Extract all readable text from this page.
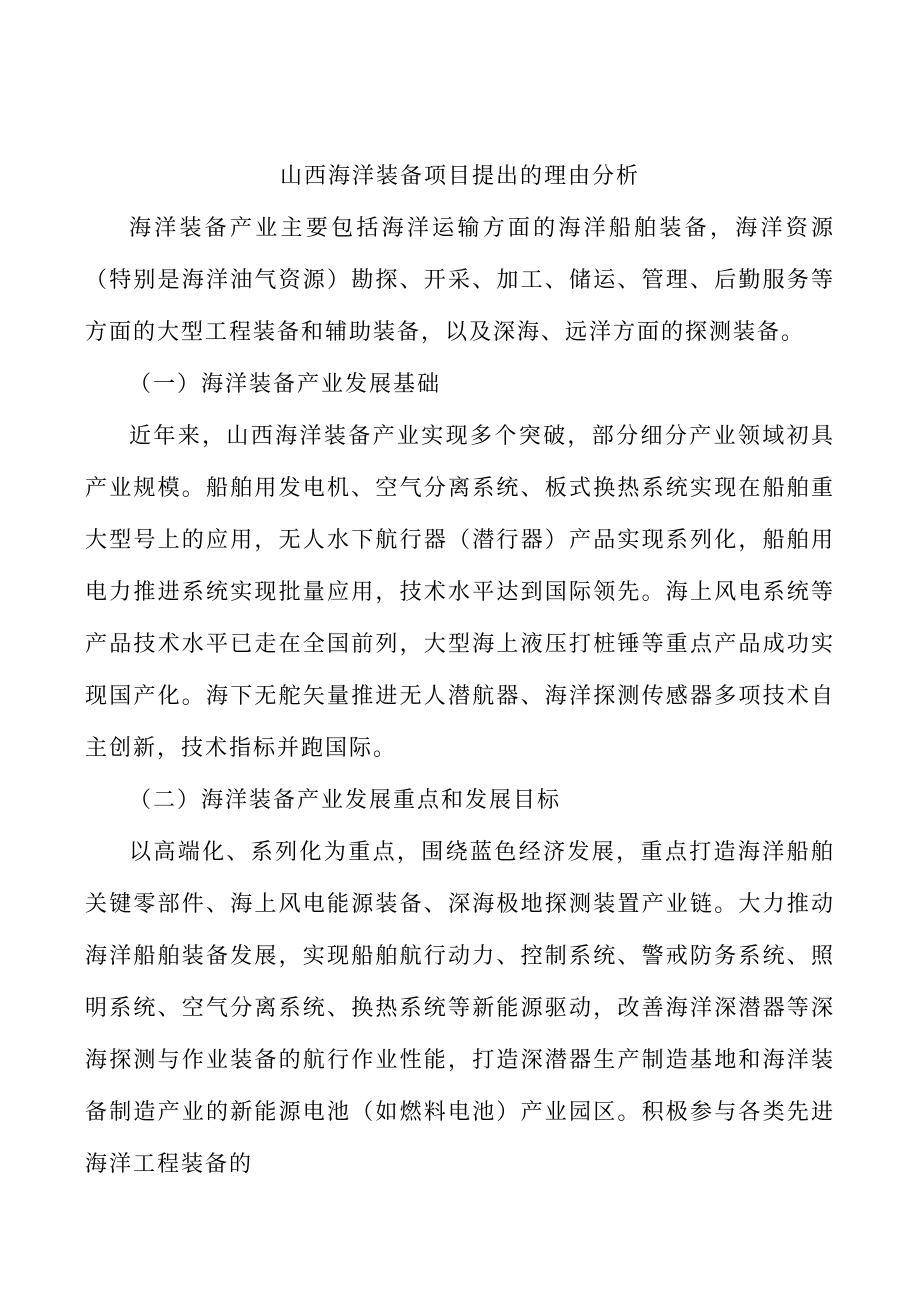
山西海洋装备项目提出的理由分析

海洋装备产业主要包括海洋运输方面的海洋船舶装备，海洋资源（特别是海洋油气资源）勘探、开采、加工、储运、管理、后勤服务等方面的大型工程装备和辅助装备，以及深海、远洋方面的探测装备。

（一）海洋装备产业发展基础

近年来，山西海洋装备产业实现多个突破，部分细分产业领域初具产业规模。船舶用发电机、空气分离系统、板式换热系统实现在船舶重大型号上的应用，无人水下航行器（潜行器）产品实现系列化，船舶用电力推进系统实现批量应用，技术水平达到国际领先。海上风电系统等产品技术水平已走在全国前列，大型海上液压打桩锤等重点产品成功实现国产化。海下无舵矢量推进无人潜航器、海洋探测传感器多项技术自主创新，技术指标并跑国际。

（二）海洋装备产业发展重点和发展目标

以高端化、系列化为重点，围绕蓝色经济发展，重点打造海洋船舶关键零部件、海上风电能源装备、深海极地探测装置产业链。大力推动海洋船舶装备发展，实现船舶航行动力、控制系统、警戒防务系统、照明系统、空气分离系统、换热系统等新能源驱动，改善海洋深潜器等深海探测与作业装备的航行作业性能，打造深潜器生产制造基地和海洋装备制造产业的新能源电池（如燃料电池）产业园区。积极参与各类先进海洋工程装备的
